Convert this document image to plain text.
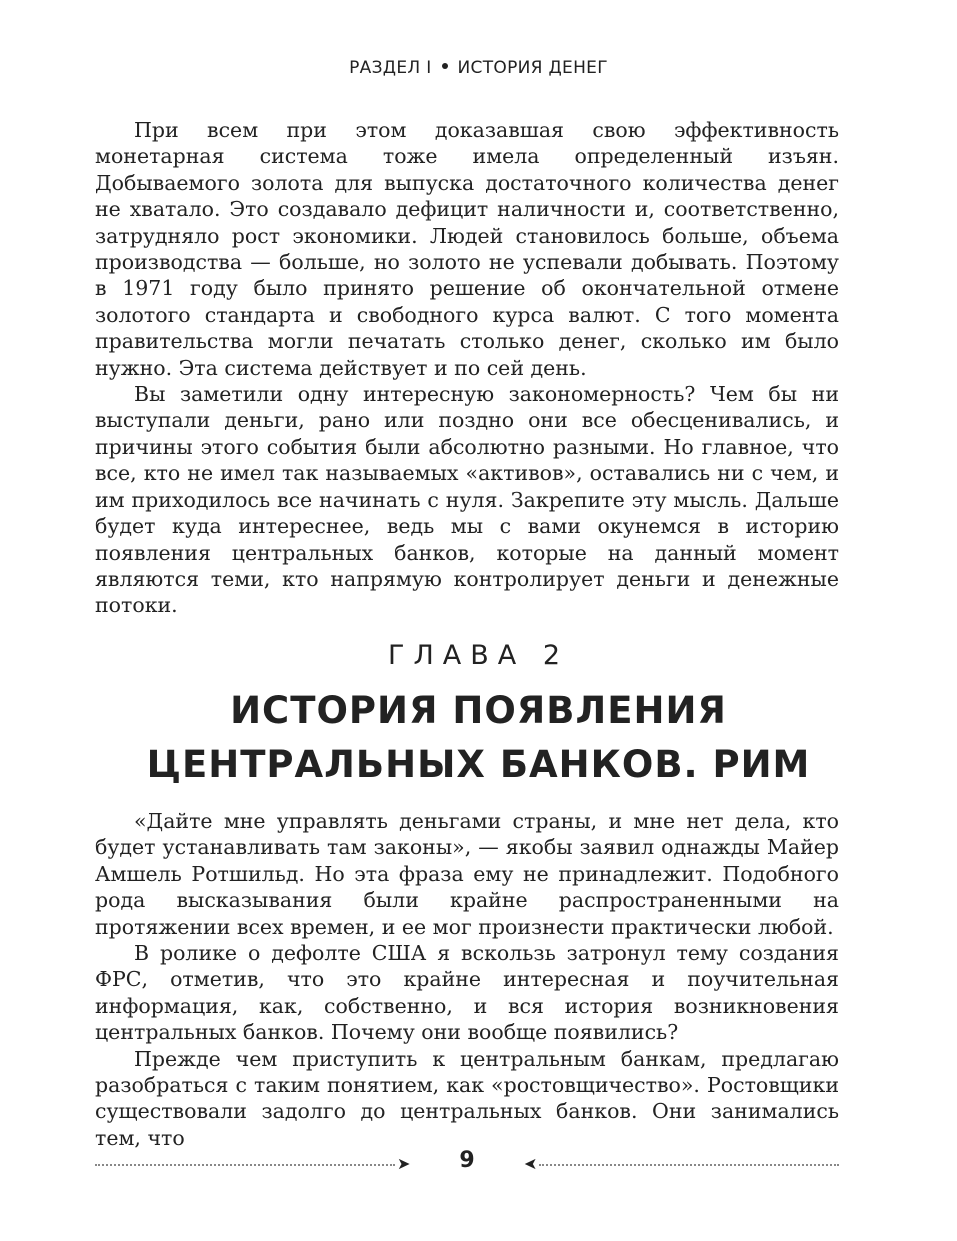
РАЗДЕЛ I ИСТОРИЯ ДЕНЕГ

При всем при этом доказавшая свою эффективность монетарная система тоже имела определенный изъян. Добываемого золота для выпуска достаточного количества денег не хватало. Это создавало дефицит наличности и, соответственно, затрудняло рост экономики. Людей становилось больше, объема производства — больше, но золото не успевали добывать. Поэтому в 1971 году было принято решение об окончательной отмене золотого стандарта и свободного курса валют. С того момента правительства могли печатать столько денег, сколько им было нужно. Эта система действует и по сей день.

Вы заметили одну интересную закономерность? Чем бы ни выступали деньги, рано или поздно они все обесценивались, и причины этого события были абсолютно разными. Но главное, что все, кто не имел так называемых «активов», оставались ни с чем, и им приходилось все начинать с нуля. Закрепите эту мысль. Дальше будет куда интереснее, ведь мы с вами окунемся в историю появления центральных банков, которые на данный момент являются теми, кто напрямую контролирует деньги и денежные потоки.

ГЛАВА 2
ИСТОРИЯ ПОЯВЛЕНИЯ
ЦЕНТРАЛЬНЫХ БАНКОВ. РИМ

«Дайте мне управлять деньгами страны, и мне нет дела, кто будет устанавливать там законы», — якобы заявил однажды Майер Амшель Ротшильд. Но эта фраза ему не принадлежит. Подобного рода высказывания были крайне распространенными на протяжении всех времен, и ее мог произнести практически любой.

В ролике о дефолте США я вскользь затронул тему создания ФРС, отметив, что это крайне интересная и поучительная информация, как, собственно, и вся история возникновения центральных банков. Почему они вообще появились?

Прежде чем приступить к центральным банкам, предлагаю разобраться с таким понятием, как «ростовщичество». Ростовщики существовали задолго до центральных банков. Они занимались тем, что

➤	9	➤
